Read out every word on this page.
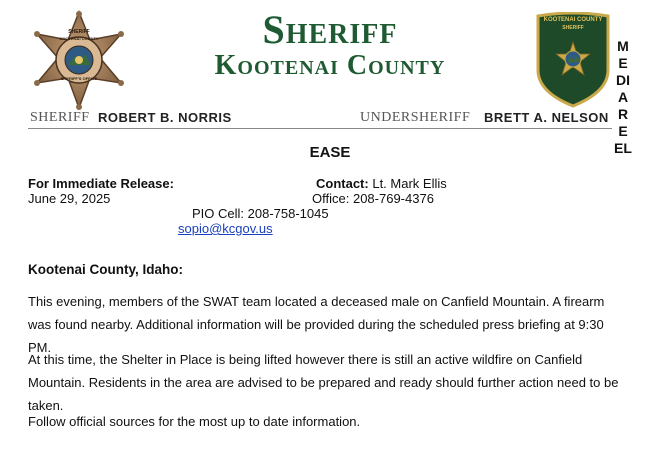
SHERIFF
KOOTENAI COUNTY
SHERIFF'S OFFICE
Sheriff
Kootenai County
KOOTENAI COUNTY
SHERIFF
M
E
DI
A
R
E
EL
SHERIFF ROBERT B. NORRIS	UNDERSHERIFF BRETT A. NELSON
EASE
For Immediate Release:
June 29, 2025
Contact: Lt. Mark Ellis
Office: 208-769-4376
PIO Cell: 208-758-1045
sopio@kcgov.us
Kootenai County, Idaho:
This evening, members of the SWAT team located a deceased male on Canfield Mountain. A firearm was found nearby. Additional information will be provided during the scheduled press briefing at 9:30 PM.
At this time, the Shelter in Place is being lifted however there is still an active wildfire on Canfield Mountain. Residents in the area are advised to be prepared and ready should further action need to be taken.
Follow official sources for the most up to date information.
